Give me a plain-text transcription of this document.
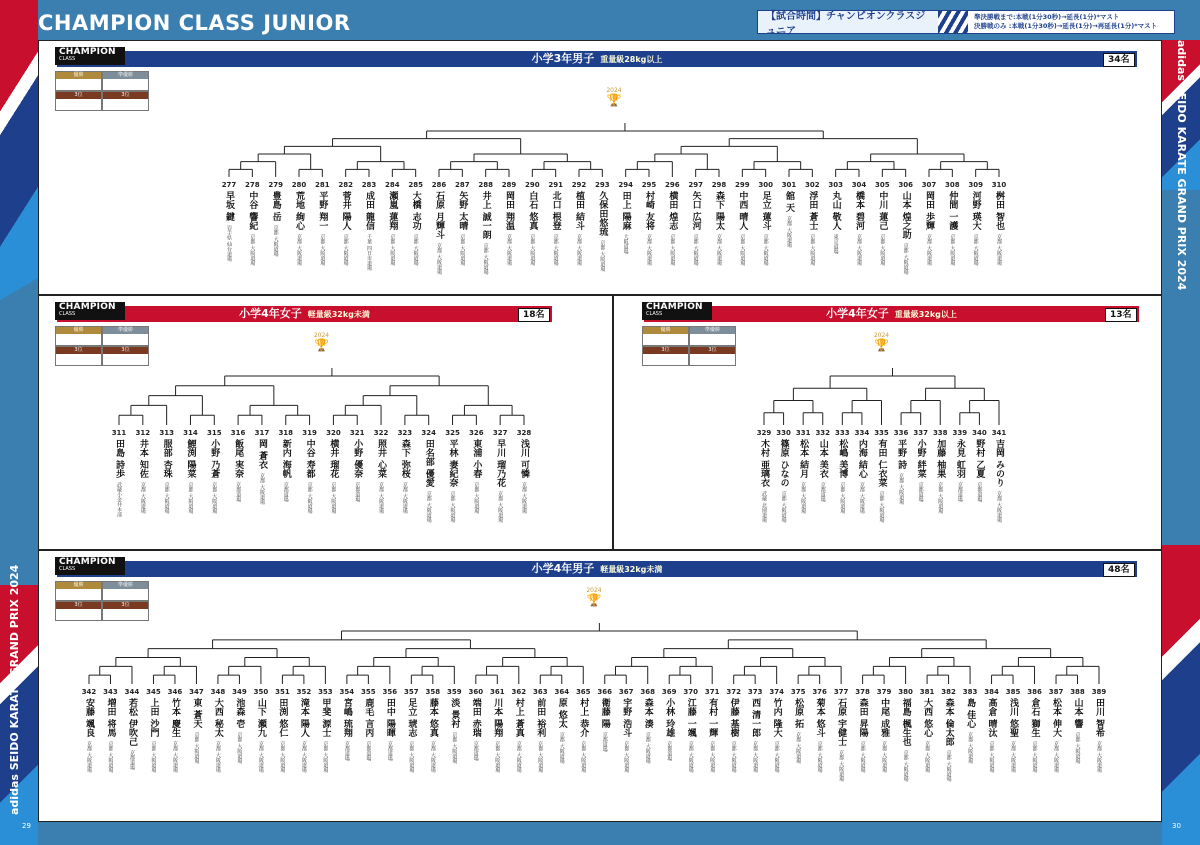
CHAMPION CLASS JUNIOR	【試合時間】チャンピオンクラスジュニア
準決勝戦まで:本戦(1分30秒)→延長(1分)*マスト
決勝戦のみ :本戦(1分30秒)→延長(1分)→再延長(1分)*マスト
adidas SEIDO KARATE GRAND PRIX 2024
adidas SEIDO KARATE GRAND PRIX 2024
小学3年男子 重量級28kg以上	34名
CHAMPION
CLASS
優勝	準優勝
3位	3位
2024
🏆
277
早坂 鍵
岩手県 仙台道場
278
中谷 響紀
京都 大阪道場
279
豊島 岳
京都 大阪道場
280
荒地 絢心
京都 大阪道場
281
平野 翔一
京都 大阪道場
282
菅井 陽人
京都 大阪道場
283
成田 龍信
千葉 四日市道場
284
瀬嵐 蓮翔
京都 大阪道場
285
大橋 志功
京都 大阪道場
286
石原 月輝斗
京都 大阪道場
287
矢野 太晴
京都 大阪道場
288
井上 誠一朗
京都 大阪道場
289
岡田 翔温
京都 大阪道場
290
白石 悠真
京都 大阪道場
291
北口 根登
京都 大阪道場
292
植田 結斗
京都 大阪道場
293
久保田悠琉
京都 大阪道場
294
田上 陽麻
大阪道場
295
村崎 友将
京都 大阪道場
296
横田 煌志
京都 大阪道場
297
矢口 広河
京都 大阪道場
298
森下 陽太
京都 大阪道場
299
中西 晴人
京都 大阪道場
300
足立 蓮斗
京都 大阪道場
301
舘 天
京都 大阪道場
302
浮田 蒼士
京都 大阪道場
303
丸山 敬人
東京道場
304
橋本 碧河
京都 大阪道場
305
中川 蓮己
京都 大阪道場
306
山本 煌之助
京都 大阪道場
307
岡田 歩輝
京都 大阪道場
308
仲間 一護
京都 大阪道場
309
河野 瑛大
京都 大阪道場
310
桝田 智也
京都 大阪道場
小学4年女子 軽量級32kg未満	18名
CHAMPION
CLASS
優勝	準優勝
3位	3位
2024
🏆
311
田島 詩歩
武蔵小金井本部
312
井本 知佐
京都 大阪道場
313
服部 杏珠
京都 大阪道場
314
鯉渕 陽菜
京都 大阪道場
315
小野 乃蒼
京都 大阪道場
316
飯尾 実奈
京都道場
317
岡 蒼衣
京都 大阪道場
318
新内 海帆
京都道場
319
中谷 寿都
京都 大阪道場
320
横井 瑠花
京都 大阪道場
321
小野 優奈
京都道場
322
照井 心菜
京都 大阪道場
323
森下 弥桜
京都 大阪道場
324
田名部 優愛
京都 大阪道場
325
平林 妻紀奈
京都 大阪道場
326
東浦 小春
京都 大阪道場
327
早川 瑠乃花
京都 大阪道場
328
浅川 可憐
京都 大阪道場
小学4年女子 重量級32kg以上	13名
CHAMPION
CLASS
優勝	準優勝
3位	3位
2024
🏆
329
木村 亜璃衣
武蔵 北園道場
330
篠原 ひなの
京都 大阪道場
331
松本 結月
京都 大阪道場
332
山本 美衣
京都道場
333
松嶋 美博
京都 大阪道場
334
内海 結心
京都 大阪道場
335
有田 仁衣菜
京都 大阪道場
336
平野 詩
京都 大阪道場
337
小野 絆菜
京都道場
338
加藤 柚果
京都 大阪道場
339
永見 虹羽
京都道場
340
野村 乙夏
京都道場
341
吉岡 みのり
京都 大阪道場
小学4年男子 軽量級32kg未満	48名
CHAMPION
CLASS
優勝	準優勝
3位	3位
2024
🏆
342
安藤 颯良
京都 大阪道場
343
増田 将馬
京都 大阪道場
344
若松 伊吹己
京都道場
345
上田 沙門
京都 大阪道場
346
竹本 慶生
京都 大阪道場
347
東 蒼天
京都 大阪道場
348
大西 秘太
京都 大阪道場
349
池森 壱
京都 大阪道場
350
山下 瀬九
京都 大阪道場
351
田渕 悠仁
京都 大阪道場
352
滝本 陽人
京都 大阪道場
353
甲斐 源士
京都 大阪道場
354
宮嶋 琉翔
京都道場
355
鹿毛 言丙
京都道場
356
田中 陽暉
京都道場
357
足立 琥志
京都 大阪道場
358
藤本 悠真
京都 大阪道場
359
淡 景衬
京都 大阪道場
360
端田 赤瑞
京都道場
361
川本 陽翔
京都 大阪道場
362
村上 蒼真
京都 大阪道場
363
前田 裕利
京都 大阪道場
364
原 悠太
京都 大阪道場
365
村上 恭介
京都 大阪道場
366
衛藤 陽
京都道場
367
宇野 浩斗
京都 大阪道場
368
森本 湊
京都 大阪道場
369
小林 玲雄
京都道場
370
江藤 一颯
京都 大阪道場
371
有村 一輝
京都 大阪道場
372
伊藤 基樹
京都 大阪道場
373
西 清一郎
京都 大阪道場
374
竹内 隆大
京都 大阪道場
375
松原 拓
京都 大阪道場
376
菊本 悠斗
京都 大阪道場
377
石原 宇健士
京都 大阪道場
378
森田 昇陽
京都 大阪道場
379
中尾 成雅
京都 大阪道場
380
福島 楓生也
京都 大阪道場
381
大西 悠心
京都 大阪道場
382
森本 倫太郎
京都 大阪道場
383
島 佳心
京都 大阪道場
384
高倉 晴汰
京都 大阪道場
385
浅川 悠聖
京都 大阪道場
386
倉石 獅生
京都 大阪道場
387
松本 伸大
京都 大阪道場
388
山本 響
京都 大阪道場
389
田川 智希
京都 大阪道場
29	30
